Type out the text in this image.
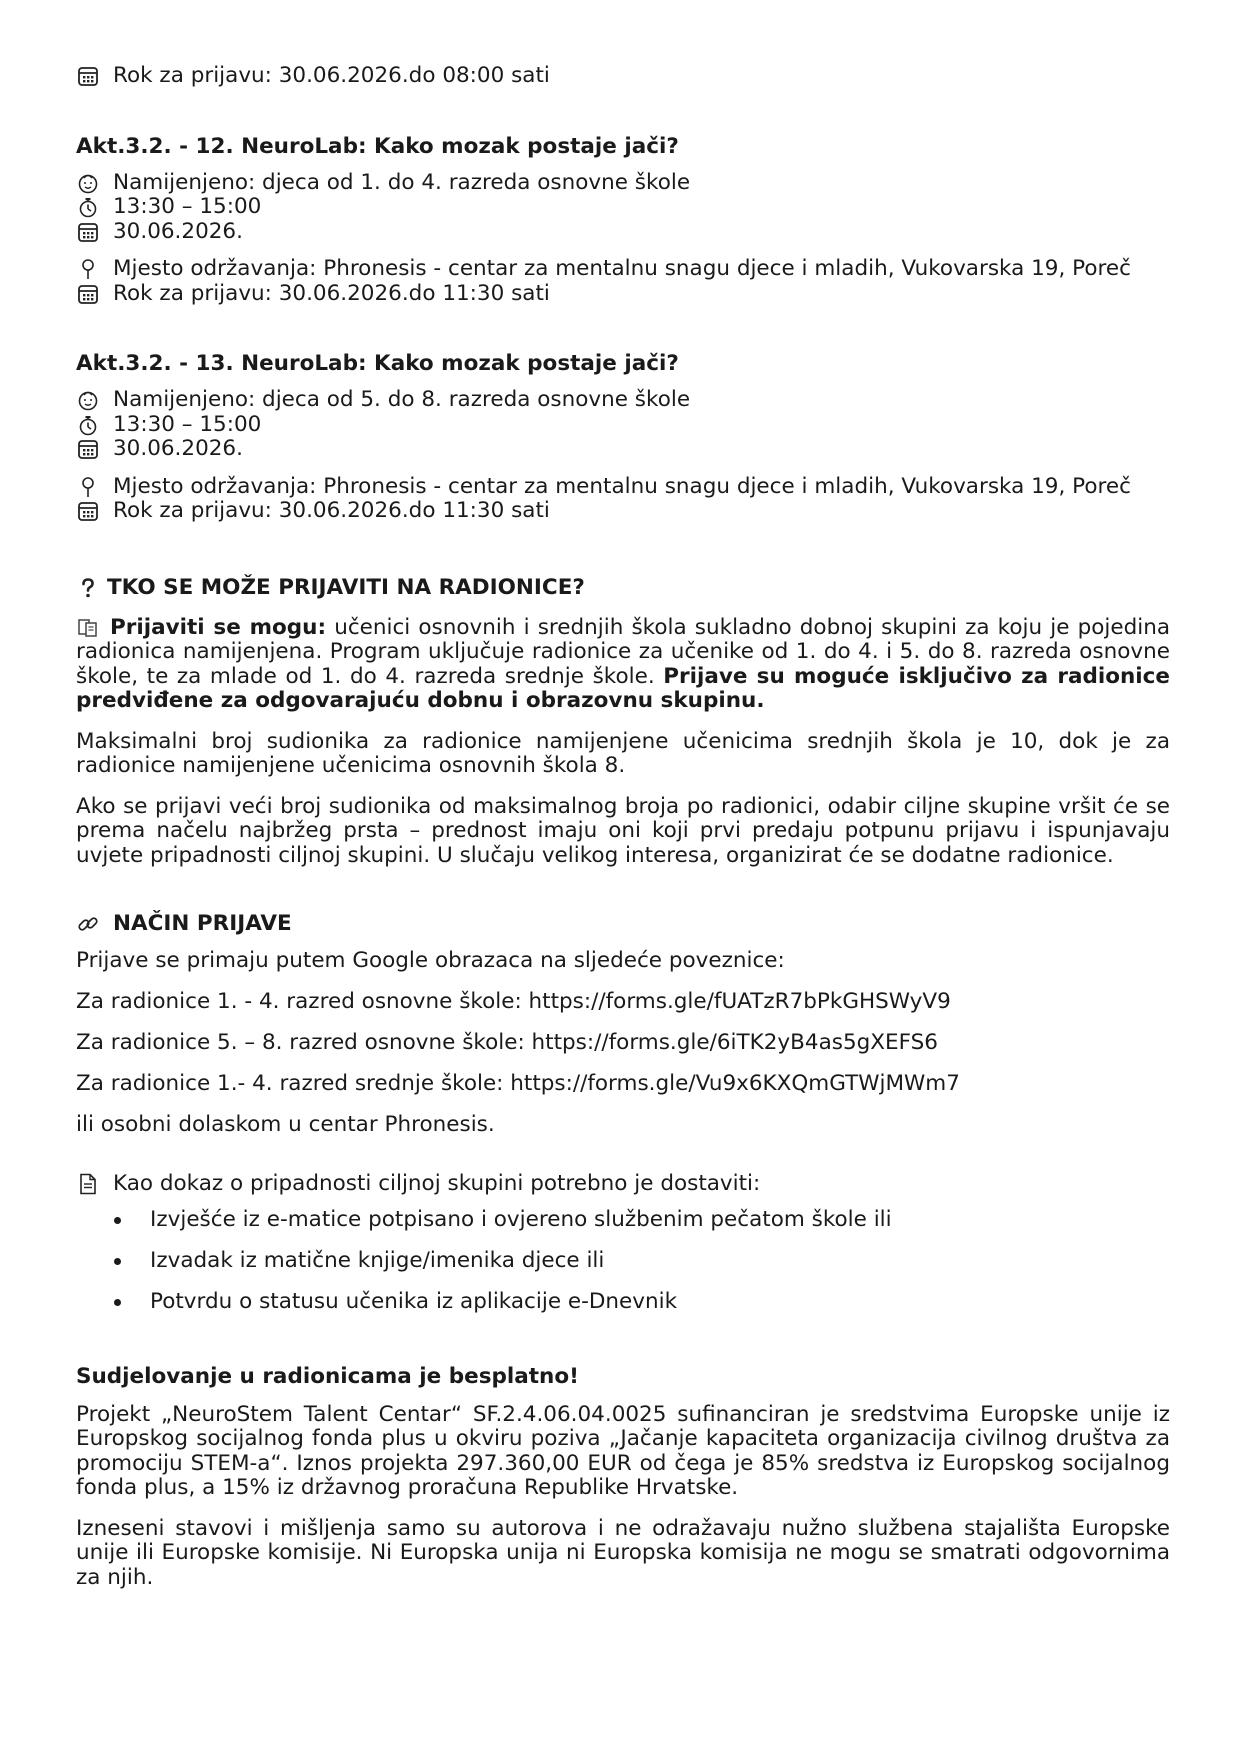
Rok za prijavu: 30.06.2026.do 08:00 sati
Akt.3.2. - 12. NeuroLab: Kako mozak postaje jači?
Namijenjeno: djeca od 1. do 4. razreda osnovne škole
13:30 – 15:00
30.06.2026.
Mjesto održavanja: Phronesis - centar za mentalnu snagu djece i mladih, Vukovarska 19, Poreč
Rok za prijavu: 30.06.2026.do 11:30 sati
Akt.3.2. - 13. NeuroLab: Kako mozak postaje jači?
Namijenjeno: djeca od 5. do 8. razreda osnovne škole
13:30 – 15:00
30.06.2026.
Mjesto održavanja: Phronesis - centar za mentalnu snagu djece i mladih, Vukovarska 19, Poreč
Rok za prijavu: 30.06.2026.do 11:30 sati
TKO SE MOŽE PRIJAVITI NA RADIONICE?
Prijaviti se mogu: učenici osnovnih i srednjih škola sukladno dobnoj skupini za koju je pojedina radionica namijenjena. Program uključuje radionice za učenike od 1. do 4. i 5. do 8. razreda osnovne škole, te za mlade od 1. do 4. razreda srednje škole. Prijave su moguće isključivo za radionice predviđene za odgovarajuću dobnu i obrazovnu skupinu.
Maksimalni broj sudionika za radionice namijenjene učenicima srednjih škola je 10, dok je za radionice namijenjene učenicima osnovnih škola 8.
Ako se prijavi veći broj sudionika od maksimalnog broja po radionici, odabir ciljne skupine vršit će se prema načelu najbržeg prsta – prednost imaju oni koji prvi predaju potpunu prijavu i ispunjavaju uvjete pripadnosti ciljnoj skupini. U slučaju velikog interesa, organizirat će se dodatne radionice.
NAČIN PRIJAVE
Prijave se primaju putem Google obrazaca na sljedeće poveznice:
Za radionice 1. - 4. razred osnovne škole: https://forms.gle/fUATzR7bPkGHSWyV9
Za radionice 5. – 8. razred osnovne škole: https://forms.gle/6iTK2yB4as5gXEFS6
Za radionice 1.- 4. razred srednje škole: https://forms.gle/Vu9x6KXQmGTWjMWm7
ili osobni dolaskom u centar Phronesis.
Kao dokaz o pripadnosti ciljnoj skupini potrebno je dostaviti:
Izvješće iz e-matice potpisano i ovjereno službenim pečatom škole ili
Izvadak iz matične knjige/imenika djece ili
Potvrdu o statusu učenika iz aplikacije e-Dnevnik
Sudjelovanje u radionicama je besplatno!
Projekt „NeuroStem Talent Centar“ SF.2.4.06.04.0025 sufinanciran je sredstvima Europske unije iz Europskog socijalnog fonda plus u okviru poziva „Jačanje kapaciteta organizacija civilnog društva za promociju STEM-a“. Iznos projekta 297.360,00 EUR od čega je 85% sredstva iz Europskog socijalnog fonda plus, a 15% iz državnog proračuna Republike Hrvatske.
Izneseni stavovi i mišljenja samo su autorova i ne odražavaju nužno službena stajališta Europske unije ili Europske komisije. Ni Europska unija ni Europska komisija ne mogu se smatrati odgovornima za njih.
